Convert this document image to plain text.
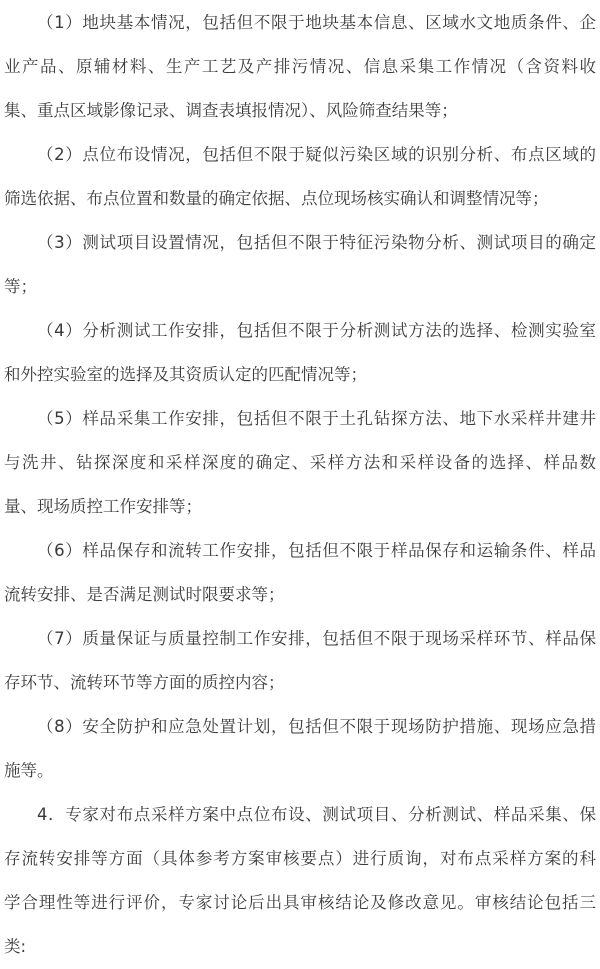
（1）地块基本情况，包括但不限于地块基本信息、区域水文地质条件、企
业产品、原辅材料、生产工艺及产排污情况、信息采集工作情况（含资料收
集、重点区域影像记录、调查表填报情况）、风险筛查结果等；
（2）点位布设情况，包括但不限于疑似污染区域的识别分析、布点区域的
筛选依据、布点位置和数量的确定依据、点位现场核实确认和调整情况等；
（3）测试项目设置情况，包括但不限于特征污染物分析、测试项目的确定
等；
（4）分析测试工作安排，包括但不限于分析测试方法的选择、检测实验室
和外控实验室的选择及其资质认定的匹配情况等；
（5）样品采集工作安排，包括但不限于土孔钻探方法、地下水采样井建井
与洗井、钻探深度和采样深度的确定、采样方法和采样设备的选择、样品数
量、现场质控工作安排等；
（6）样品保存和流转工作安排，包括但不限于样品保存和运输条件、样品
流转安排、是否满足测试时限要求等；
（7）质量保证与质量控制工作安排，包括但不限于现场采样环节、样品保
存环节、流转环节等方面的质控内容；
（8）安全防护和应急处置计划，包括但不限于现场防护措施、现场应急措
施等。
4．专家对布点采样方案中点位布设、测试项目、分析测试、样品采集、保
存流转安排等方面（具体参考方案审核要点）进行质询，对布点采样方案的科
学合理性等进行评价，专家讨论后出具审核结论及修改意见。审核结论包括三
类:
